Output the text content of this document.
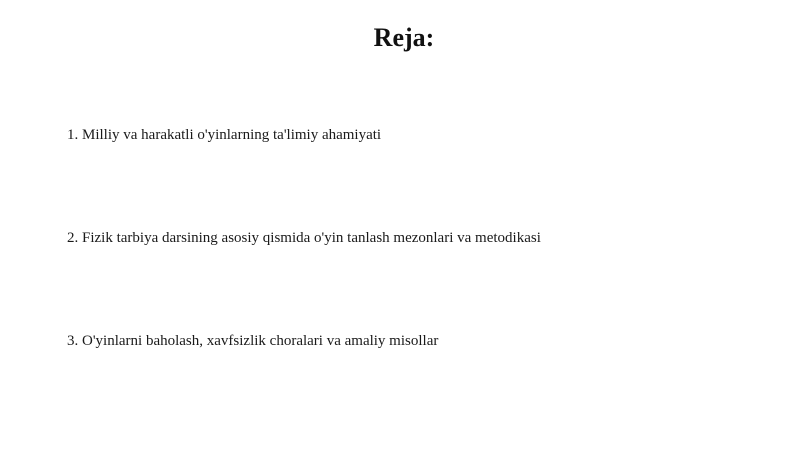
Reja:
1. Milliy va harakatli o'yinlarning ta'limiy ahamiyati
2. Fizik tarbiya darsining asosiy qismida o'yin tanlash mezonlari va metodikasi
3. O'yinlarni baholash, xavfsizlik choralari va amaliy misollar
